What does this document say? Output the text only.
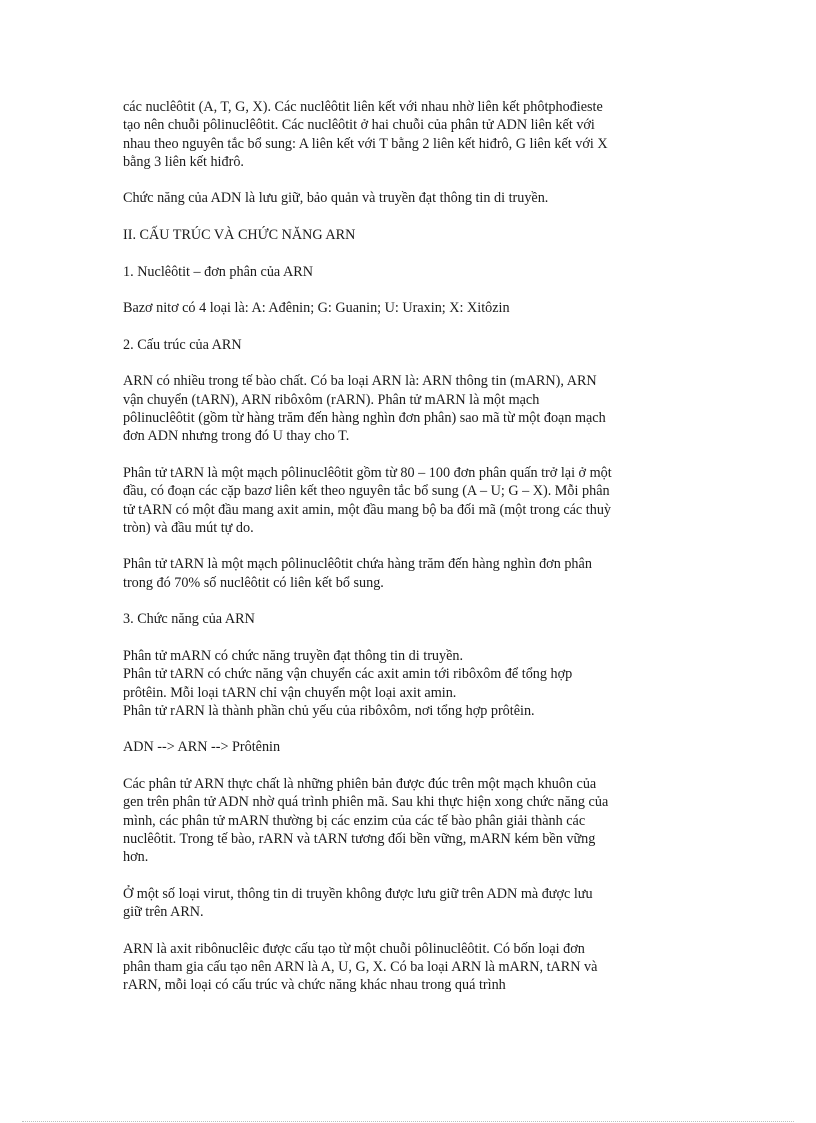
các nuclêôtit (A, T, G, X). Các nuclêôtit liên kết với nhau nhờ liên kết phôtphođieste
tạo nên chuỗi pôlinuclêôtit. Các nuclêôtit ở hai chuỗi của phân tử ADN liên kết với
nhau theo nguyên tắc bổ sung: A liên kết với T bằng 2 liên kết hiđrô, G liên kết với X
bằng 3 liên kết hiđrô.
Chức năng của ADN là lưu giữ, bảo quản và truyền đạt thông tin di truyền.
II. CẤU TRÚC VÀ CHỨC NĂNG ARN
1. Nuclêôtit – đơn phân của ARN
Bazơ nitơ có 4 loại là: A: Ađênin; G: Guanin; U: Uraxin; X: Xitôzin
2. Cấu trúc của ARN
ARN có nhiều trong tế bào chất. Có ba loại ARN là: ARN thông tin (mARN), ARN
vận chuyển (tARN), ARN ribôxôm (rARN). Phân tử mARN là một mạch
pôlinuclêôtit (gồm từ hàng trăm đến hàng nghìn đơn phân) sao mã từ một đoạn mạch
đơn ADN nhưng trong đó U thay cho T.
Phân tử tARN là một mạch pôlinuclêôtit gồm từ 80 – 100 đơn phân quấn trở lại ở một
đầu, có đoạn các cặp bazơ liên kết theo nguyên tắc bổ sung (A – U; G – X). Mỗi phân
tử tARN có một đầu mang axit amin, một đầu mang bộ ba đối mã (một trong các thuỳ
tròn) và đầu mút tự do.
Phân tử tARN là một mạch pôlinuclêôtit chứa hàng trăm đến hàng nghìn đơn phân
trong đó 70% số nuclêôtit có liên kết bổ sung.
3. Chức năng của ARN
Phân tử mARN có chức năng truyền đạt thông tin di truyền.
Phân tử tARN có chức năng vận chuyển các axit amin tới ribôxôm để tổng hợp
prôtêin. Mỗi loại tARN chỉ vận chuyển một loại axit amin.
Phân tử rARN là thành phần chủ yếu của ribôxôm, nơi tổng hợp prôtêin.
ADN --> ARN --> Prôtênin
Các phân tử ARN thực chất là những phiên bản được đúc trên một mạch khuôn của
gen trên phân tử ADN nhờ quá trình phiên mã. Sau khi thực hiện xong chức năng của
mình, các phân tử mARN thường bị các enzim của các tế bào phân giải thành các
nuclêôtit. Trong tế bào, rARN và tARN tương đối bền vững, mARN kém bền vững
hơn.
Ở một số loại virut, thông tin di truyền không được lưu giữ trên ADN mà được lưu
giữ trên ARN.
ARN là axit ribônuclêic được cấu tạo từ một chuỗi pôlinuclêôtit. Có bốn loại đơn
phân tham gia cấu tạo nên ARN là A, U, G, X. Có ba loại ARN là mARN, tARN và
rARN, mỗi loại có cấu trúc và chức năng khác nhau trong quá trình
